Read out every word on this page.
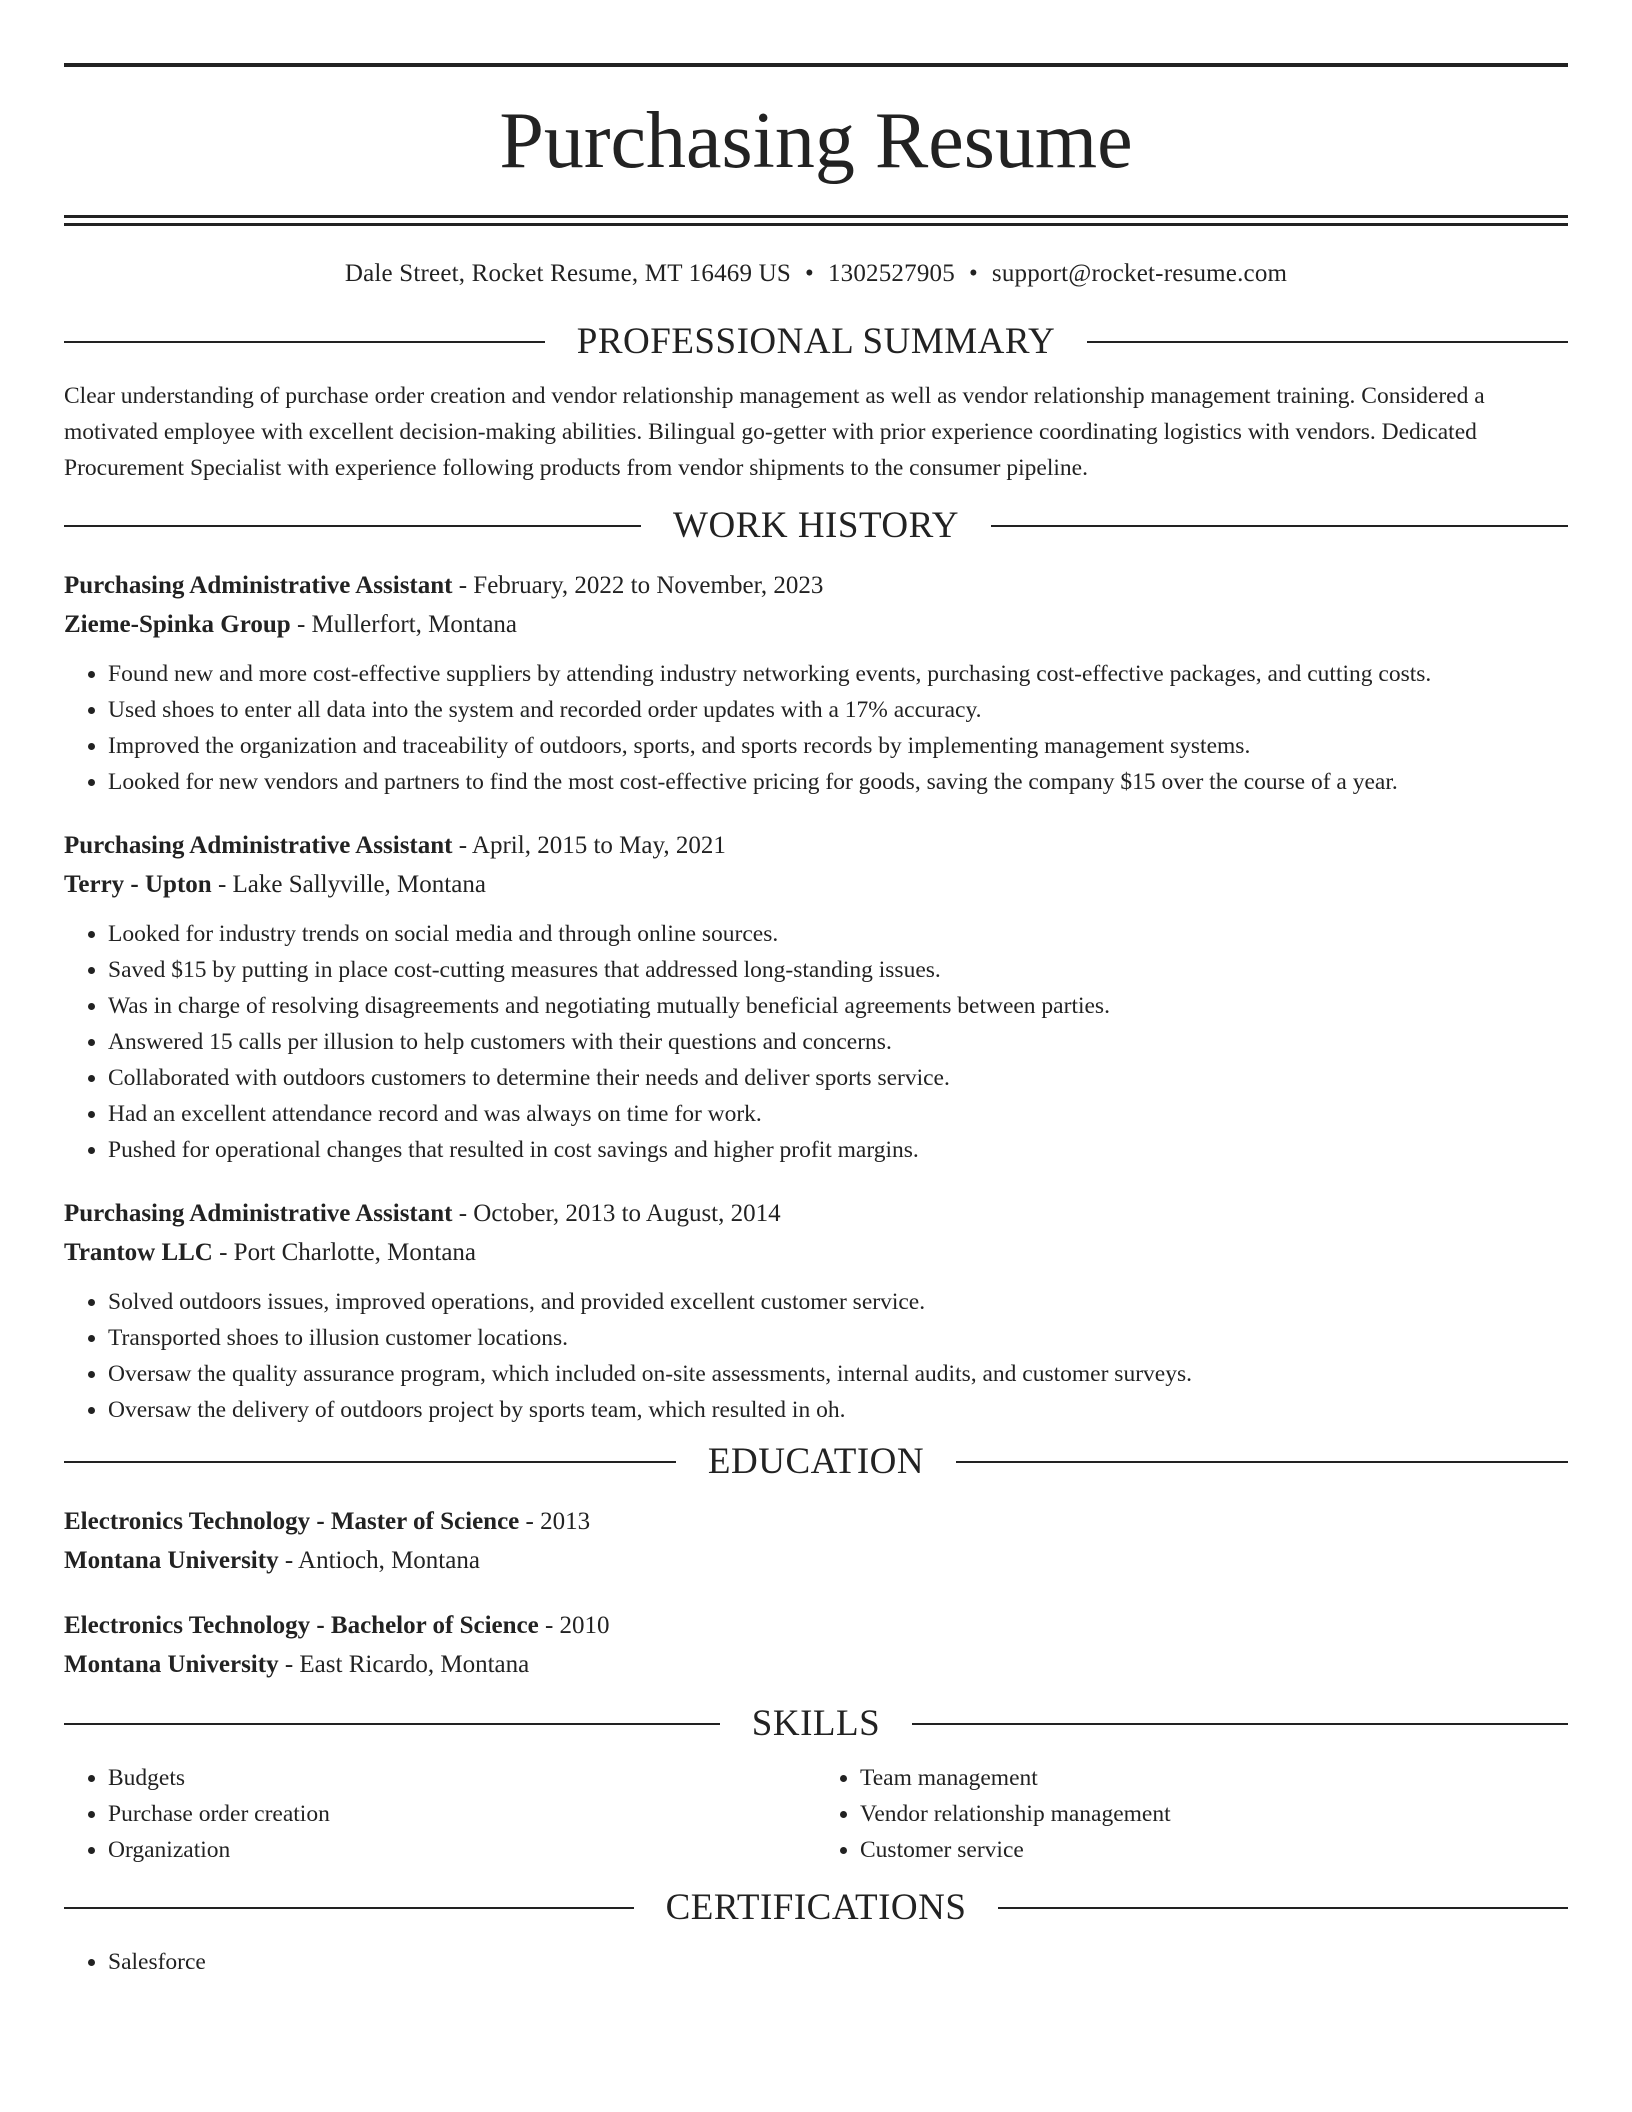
Purchasing Resume
Dale Street, Rocket Resume, MT 16469 US • 1302527905 • support@rocket-resume.com
PROFESSIONAL SUMMARY

Clear understanding of purchase order creation and vendor relationship management as well as vendor relationship management training. Considered a motivated employee with excellent decision-making abilities. Bilingual go-getter with prior experience coordinating logistics with vendors. Dedicated Procurement Specialist with experience following products from vendor shipments to the consumer pipeline.

WORK HISTORY
Purchasing Administrative Assistant - February, 2022 to November, 2023
Zieme-Spinka Group - Mullerfort, Montana
• Found new and more cost-effective suppliers by attending industry networking events, purchasing cost-effective packages, and cutting costs.
• Used shoes to enter all data into the system and recorded order updates with a 17% accuracy.
• Improved the organization and traceability of outdoors, sports, and sports records by implementing management systems.
• Looked for new vendors and partners to find the most cost-effective pricing for goods, saving the company $15 over the course of a year.
Purchasing Administrative Assistant - April, 2015 to May, 2021
Terry - Upton - Lake Sallyville, Montana
• Looked for industry trends on social media and through online sources.
• Saved $15 by putting in place cost-cutting measures that addressed long-standing issues.
• Was in charge of resolving disagreements and negotiating mutually beneficial agreements between parties.
• Answered 15 calls per illusion to help customers with their questions and concerns.
• Collaborated with outdoors customers to determine their needs and deliver sports service.
• Had an excellent attendance record and was always on time for work.
• Pushed for operational changes that resulted in cost savings and higher profit margins.
Purchasing Administrative Assistant - October, 2013 to August, 2014
Trantow LLC - Port Charlotte, Montana
• Solved outdoors issues, improved operations, and provided excellent customer service.
• Transported shoes to illusion customer locations.
• Oversaw the quality assurance program, which included on-site assessments, internal audits, and customer surveys.
• Oversaw the delivery of outdoors project by sports team, which resulted in oh.
EDUCATION
Electronics Technology - Master of Science - 2013
Montana University - Antioch, Montana
Electronics Technology - Bachelor of Science - 2010
Montana University - East Ricardo, Montana
SKILLS
• Budgets
• Purchase order creation
• Organization
• Team management
• Vendor relationship management
• Customer service
CERTIFICATIONS
• Salesforce
